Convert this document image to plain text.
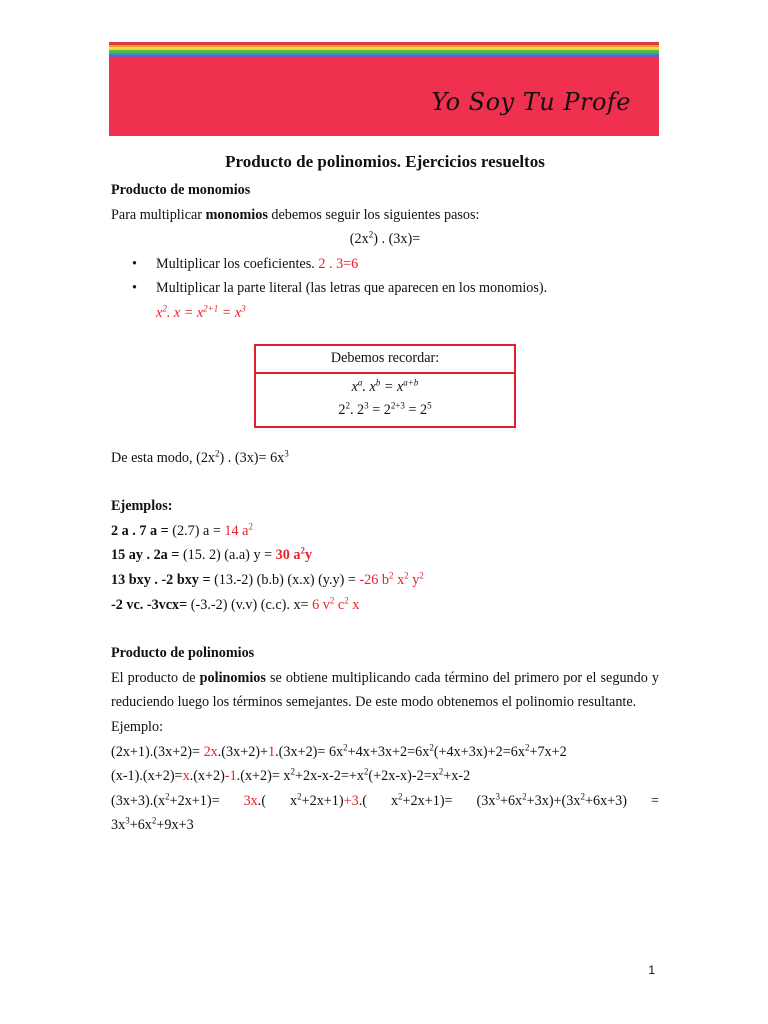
Yo Soy Tu Profe
Producto de polinomios. Ejercicios resueltos

Producto de monomios

Para multiplicar monomios debemos seguir los siguientes pasos:

$(2x^2)$ . (3x)=

• Multiplicar los coeficientes. 2 . 3=6
• Multiplicar la parte literal (las letras que aparecen en los monomios).
$x^2$. $x = x^{2+1} = x^3$
Debemos recordar:
$x^a$. $x^b = x^{a+b}$
$2^2$. $2^3 = 2^{2+3} = 2^5$

De esta modo, $(2x^2)$ . $(3x)= 6x^3$

Ejemplos:

2 a . 7 a = (2.7) a = 14 $a^2$

15 ay . 2a = (15. 2) (a.a) y = 30 $a^2y$

13 bxy . -2 bxy = (13.-2) (b.b) (x.x) (y.y) = -26 $b^2$ $x^2$ $y^2$

-2 vc. -3vcx= (-3.-2) (v.v) (c.c). x= 6 $v^2$ $c^2$ x

Producto de polinomios

El producto de polinomios se obtiene multiplicando cada término del primero por el segundo y reduciendo luego los términos semejantes. De este modo obtenemos el polinomio resultante.

Ejemplo:

$(2x+1).(3x+2)= 2x.(3x+2)+1.(3x+2)= 6x^2+4x+3x+2=6x^2(+4x+3x)+2=6x^2+7x+2$

$(x-1).(x+2)=x.(x+2)-1.(x+2)= x^2+2x-x-2=+x^2(+2x-x)-2=x^2+x-2$

$(3x+3).(x^2+2x+1)= 3x$.( $x^2+2x+1)+3$.( $x^2+2x+1)= (3x^3+6x^2+3x)+(3x^2+6x+3)$ =

$3x^3+6x^2+9x+3$

1
